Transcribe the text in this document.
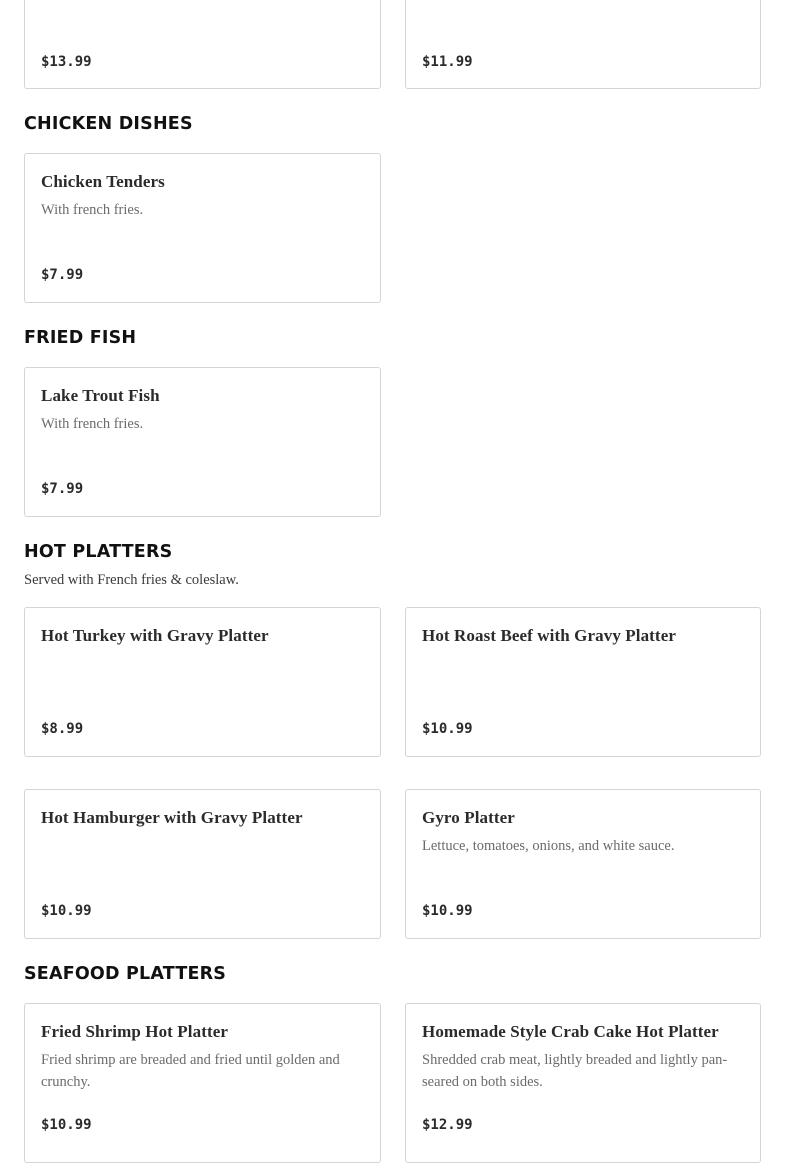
$13.99	$11.99
CHICKEN DISHES
Chicken Tenders
With french fries.
$7.99
FRIED FISH
Lake Trout Fish
With french fries.
$7.99
HOT PLATTERS
Served with French fries & coleslaw.
Hot Turkey with Gravy Platter
$8.99
Hot Roast Beef with Gravy Platter
$10.99
Hot Hamburger with Gravy Platter
$10.99
Gyro Platter
Lettuce, tomatoes, onions, and white sauce.
$10.99
SEAFOOD PLATTERS
Fried Shrimp Hot Platter
Fried shrimp are breaded and fried until golden and crunchy.
$10.99
Homemade Style Crab Cake Hot Platter
Shredded crab meat, lightly breaded and lightly pan-seared on both sides.
$12.99
